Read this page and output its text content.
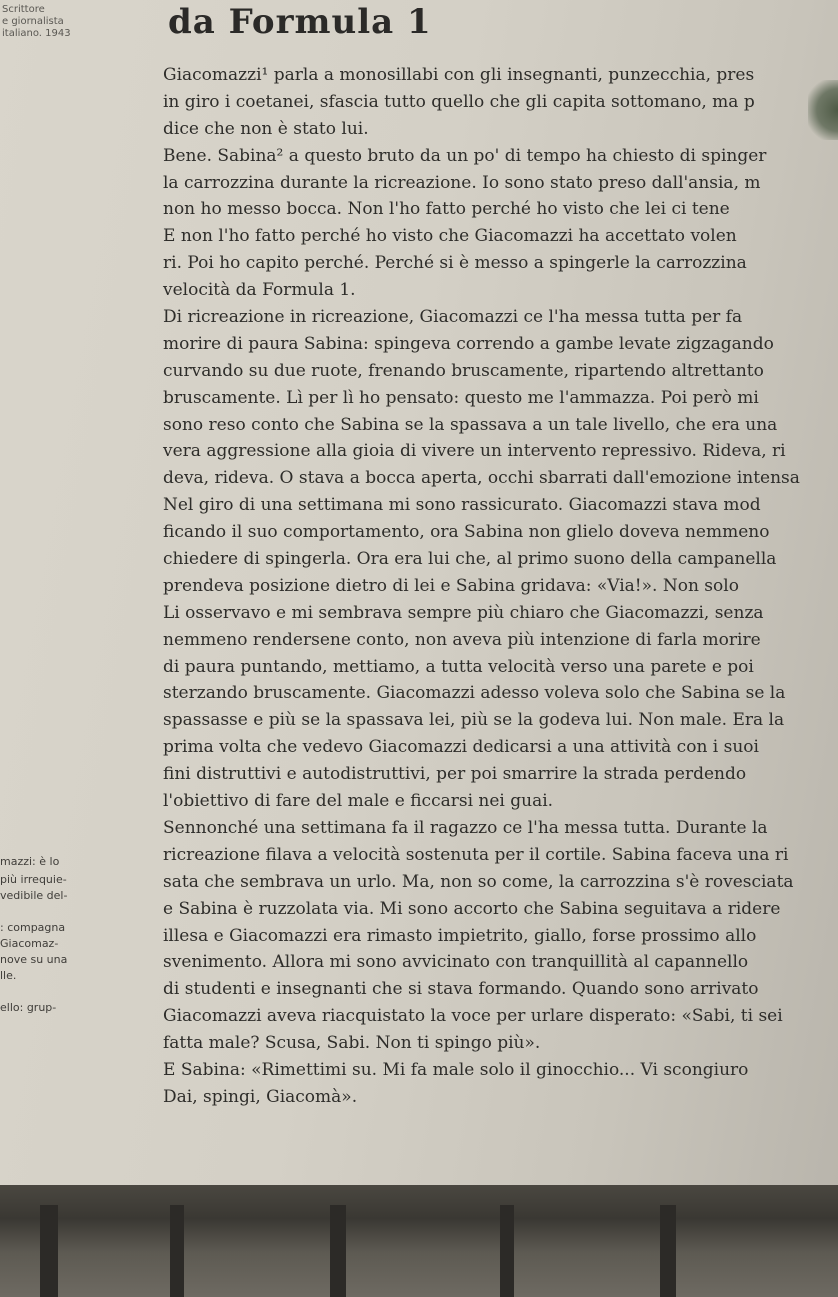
Scrittore
e giornalista
italiano. 1943	da Formula 1
Giacomazzi¹ parla a monosillabi con gli insegnanti, punzecchia, pres
in giro i coetanei, sfascia tutto quello che gli capita sottomano, ma p
dice che non è stato lui.
Bene. Sabina² a questo bruto da un po' di tempo ha chiesto di spinger
la carrozzina durante la ricreazione. Io sono stato preso dall'ansia, m
non ho messo bocca. Non l'ho fatto perché ho visto che lei ci tene
E non l'ho fatto perché ho visto che Giacomazzi ha accettato volen
ri. Poi ho capito perché. Perché si è messo a spingerle la carrozzina
velocità da Formula 1.
Di ricreazione in ricreazione, Giacomazzi ce l'ha messa tutta per fa
morire di paura Sabina: spingeva correndo a gambe levate zigzagando
curvando su due ruote, frenando bruscamente, ripartendo altrettanto
bruscamente. Lì per lì ho pensato: questo me l'ammazza. Poi però mi
sono reso conto che Sabina se la spassava a un tale livello, che era una
vera aggressione alla gioia di vivere un intervento repressivo. Rideva, ri
deva, rideva. O stava a bocca aperta, occhi sbarrati dall'emozione intensa
Nel giro di una settimana mi sono rassicurato. Giacomazzi stava mod
ficando il suo comportamento, ora Sabina non glielo doveva nemmeno
chiedere di spingerla. Ora era lui che, al primo suono della campanella
prendeva posizione dietro di lei e Sabina gridava: «Via!». Non solo
Li osservavo e mi sembrava sempre più chiaro che Giacomazzi, senza
nemmeno rendersene conto, non aveva più intenzione di farla morire
di paura puntando, mettiamo, a tutta velocità verso una parete e poi
sterzando bruscamente. Giacomazzi adesso voleva solo che Sabina se la
spassasse e più se la spassava lei, più se la godeva lui. Non male. Era la
prima volta che vedevo Giacomazzi dedicarsi a una attività con i suoi
fini distruttivi e autodistruttivi, per poi smarrire la strada perdendo
l'obiettivo di fare del male e ficcarsi nei guai.
Sennonché una settimana fa il ragazzo ce l'ha messa tutta. Durante la
ricreazione filava a velocità sostenuta per il cortile. Sabina faceva una ri
sata che sembrava un urlo. Ma, non so come, la carrozzina s'è rovesciata
e Sabina è ruzzolata via. Mi sono accorto che Sabina seguitava a ridere
illesa e Giacomazzi era rimasto impietrito, giallo, forse prossimo allo
svenimento. Allora mi sono avvicinato con tranquillità al capannello
di studenti e insegnanti che si stava formando. Quando sono arrivato
Giacomazzi aveva riacquistato la voce per urlare disperato: «Sabi, ti sei
fatta male? Scusa, Sabi. Non ti spingo più».
E Sabina: «Rimettimi su. Mi fa male solo il ginocchio... Vi scongiuro
Dai, spingi, Giacomà».
mazzi: è lo
più irrequie-
vedibile del-

: compagna
Giacomaz-
nove su una
lle.

ello: grup-
